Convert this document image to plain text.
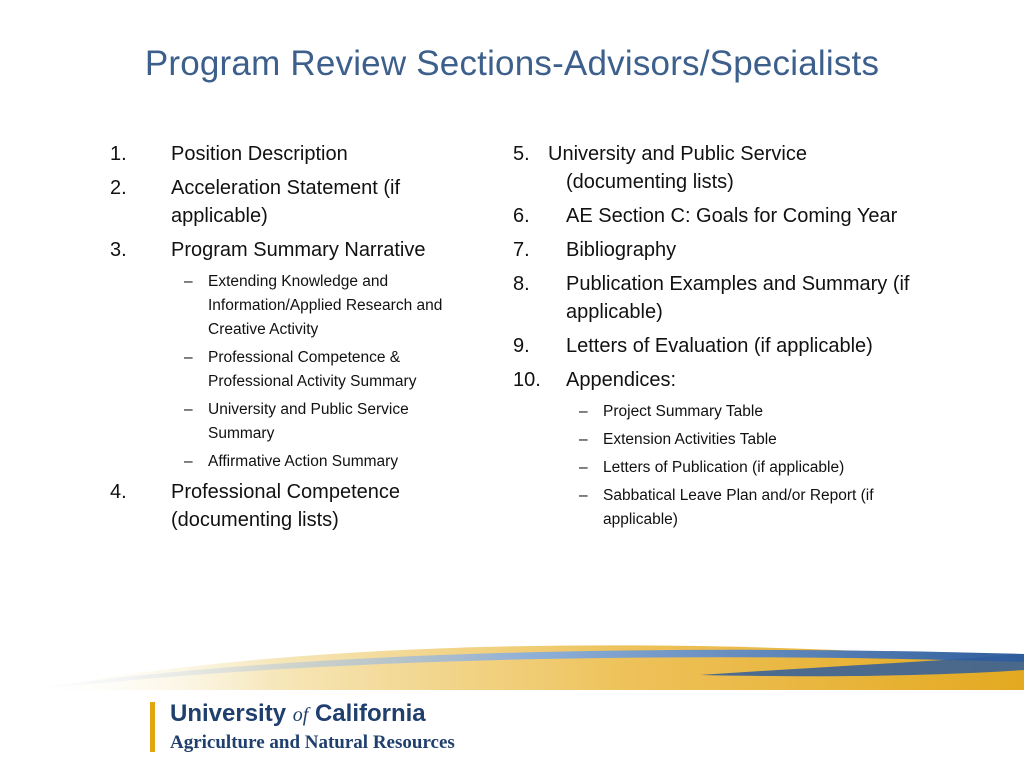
Program Review Sections-Advisors/Specialists
1. Position Description
2. Acceleration Statement (if applicable)
3. Program Summary Narrative
– Extending Knowledge and Information/Applied Research and Creative Activity
– Professional Competence & Professional Activity Summary
– University and Public Service Summary
– Affirmative Action Summary
4. Professional Competence (documenting lists)
5. University and Public Service
(documenting lists)
6. AE Section C: Goals for Coming Year
7. Bibliography
8. Publication Examples and Summary (if applicable)
9. Letters of Evaluation (if applicable)
10. Appendices:
– Project Summary Table
– Extension Activities Table
– Letters of Publication (if applicable)
– Sabbatical Leave Plan and/or Report (if applicable)
University of California
Agriculture and Natural Resources
